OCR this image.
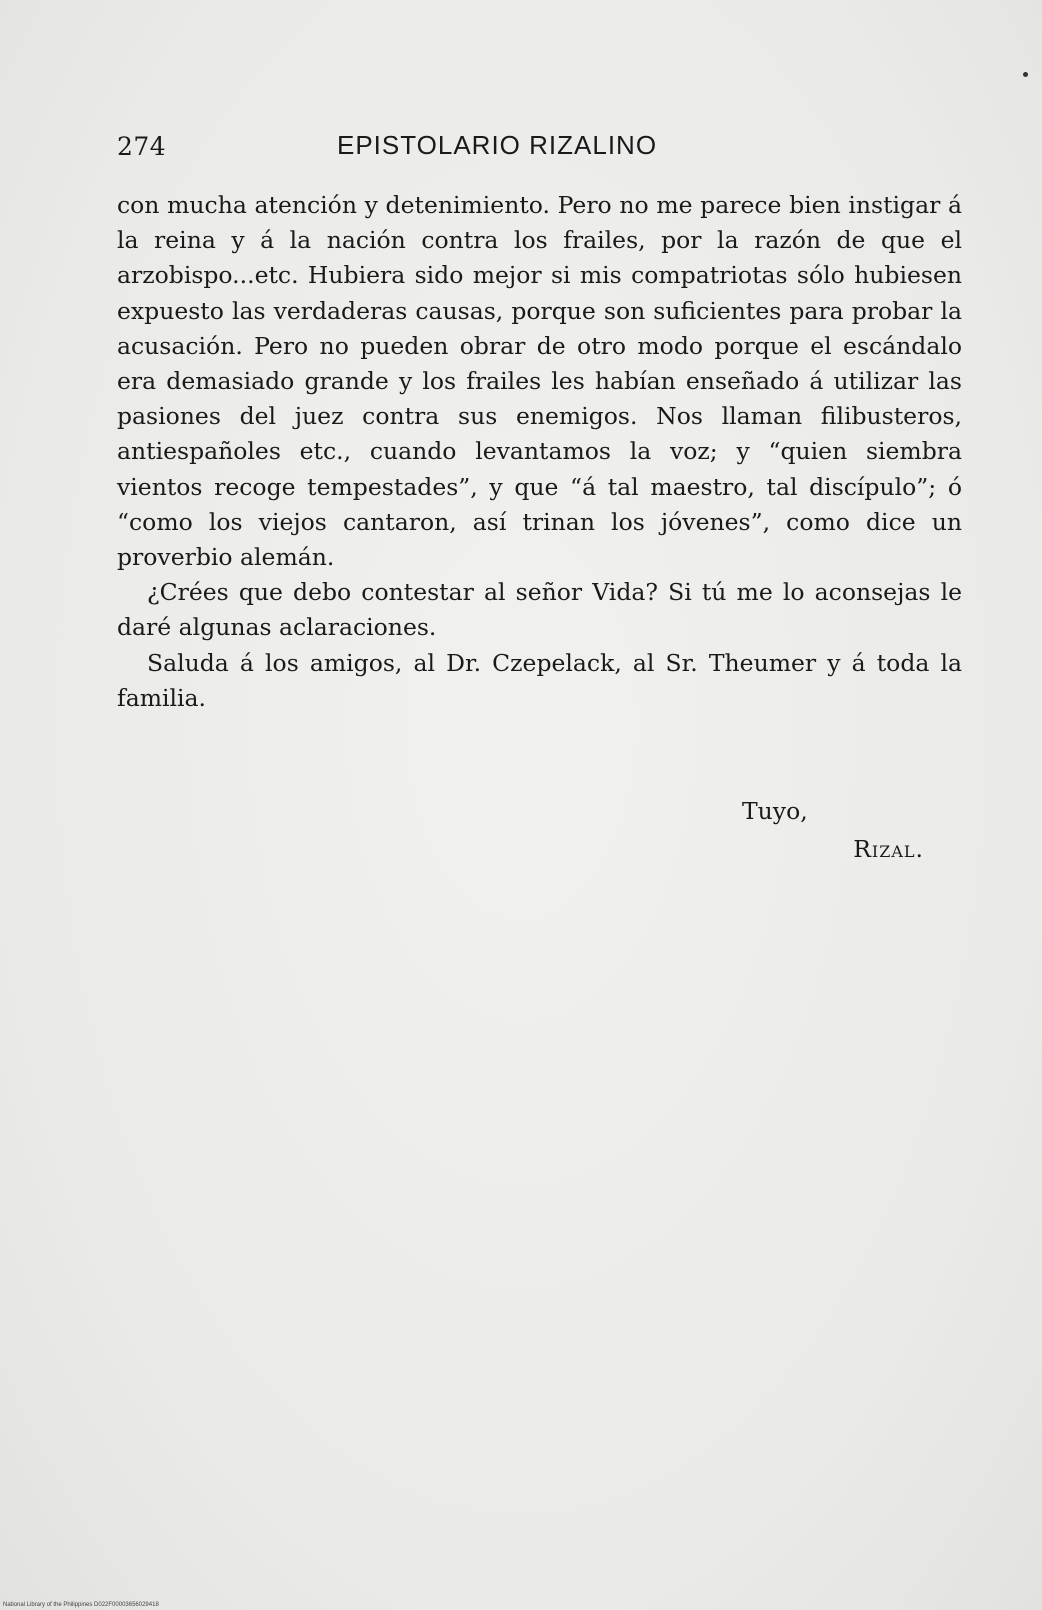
274	EPISTOLARIO RIZALINO

con mucha atención y detenimiento. Pero no me parece bien instigar á la reina y á la nación contra los frailes, por la razón de que el arzobispo...etc. Hubiera sido mejor si mis compatriotas sólo hubiesen expuesto las verdaderas causas, porque son suficientes para probar la acusación. Pero no pueden obrar de otro modo porque el escándalo era demasiado grande y los frailes les habían enseñado á utilizar las pasiones del juez contra sus enemigos. Nos llaman filibusteros, antiespañoles etc., cuando levantamos la voz; y “quien siembra vientos recoge tempestades”, y que “á tal maestro, tal discípulo”; ó “como los viejos cantaron, así trinan los jóvenes”, como dice un proverbio alemán.

¿Crées que debo contestar al señor Vida? Si tú me lo aconsejas le daré algunas aclaraciones.

Saluda á los amigos, al Dr. Czepelack, al Sr. Theumer y á toda la familia.

Tuyo,
Rizal.
National Library of the Philippines D022F00003656029418
